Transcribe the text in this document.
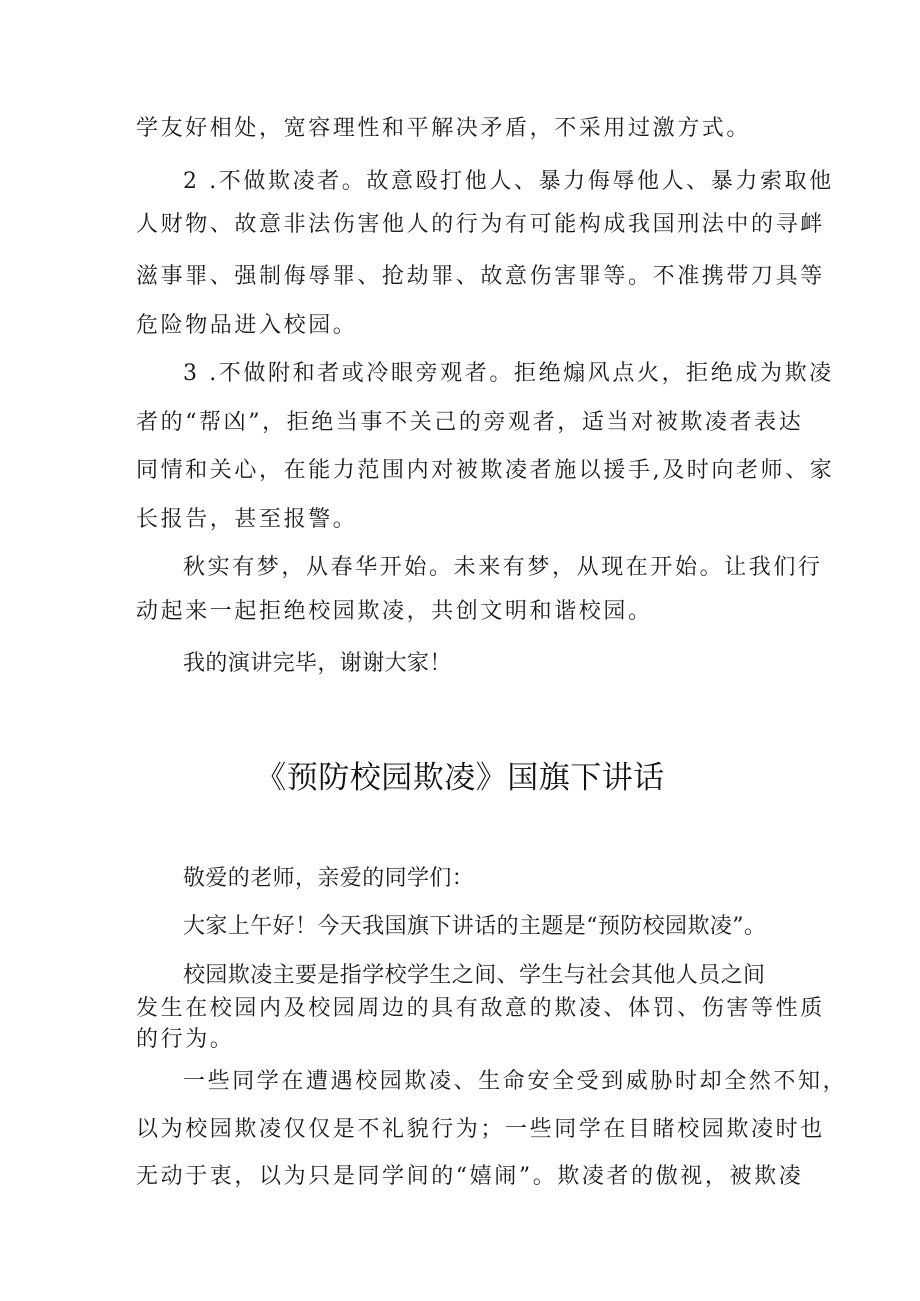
学友好相处，宽容理性和平解决矛盾，不采用过激方式。
2 .不做欺凌者。故意殴打他人、暴力侮辱他人、暴力索取他
人财物、故意非法伤害他人的行为有可能构成我国刑法中的寻衅
滋事罪、强制侮辱罪、抢劫罪、故意伤害罪等。不准携带刀具等
危险物品进入校园。
3 .不做附和者或冷眼旁观者。拒绝煽风点火，拒绝成为欺凌
者的“帮凶”，拒绝当事不关己的旁观者，适当对被欺凌者表达
同情和关心，在能力范围内对被欺凌者施以援手,及时向老师、家
长报告，甚至报警。
秋实有梦，从春华开始。未来有梦，从现在开始。让我们行
动起来一起拒绝校园欺凌，共创文明和谐校园。
我的演讲完毕，谢谢大家！
《预防校园欺凌》国旗下讲话
敬爱的老师，亲爱的同学们：
大家上午好！今天我国旗下讲话的主题是“预防校园欺凌”。
校园欺凌主要是指学校学生之间、学生与社会其他人员之间
发生在校园内及校园周边的具有敌意的欺凌、体罚、伤害等性质
的行为。
一些同学在遭遇校园欺凌、生命安全受到威胁时却全然不知，
以为校园欺凌仅仅是不礼貌行为；一些同学在目睹校园欺凌时也
无动于衷，以为只是同学间的“嬉闹”。欺凌者的傲视，被欺凌
